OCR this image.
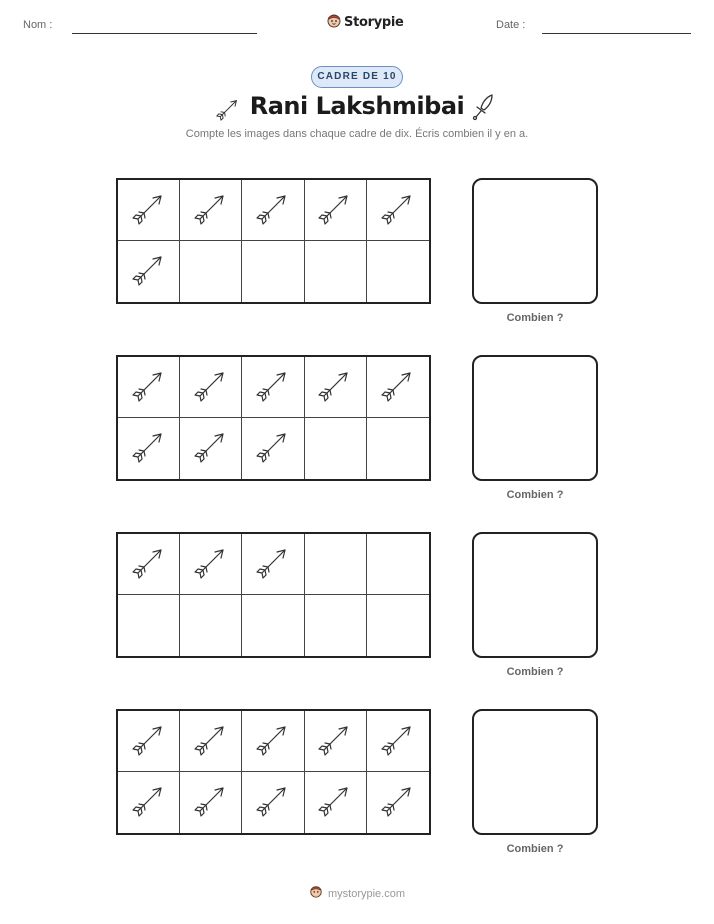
Nom :	Storypie	Date :
CADRE DE 10
Rani Lakshmibai
Compte les images dans chaque cadre de dix. Écris combien il y en a.
Combien ?
Combien ?
Combien ?
Combien ?
mystorypie.com
